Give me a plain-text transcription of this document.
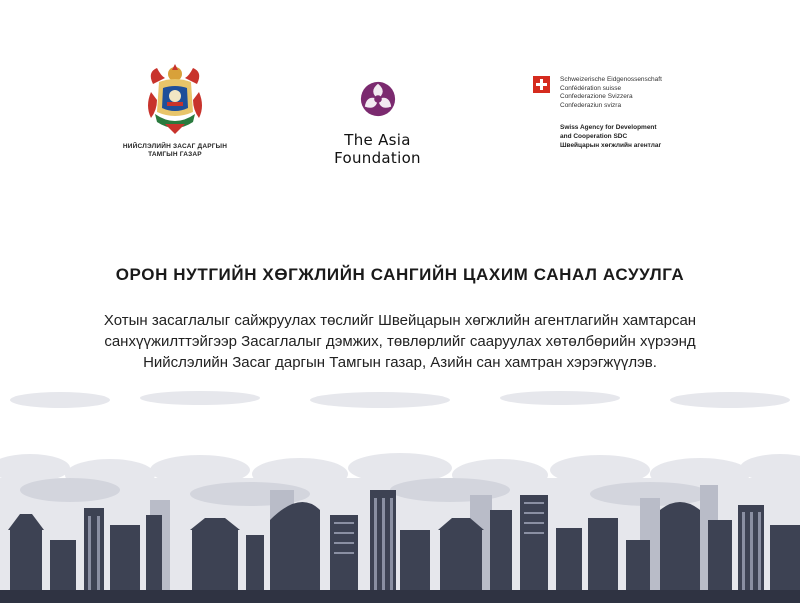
НИЙСЛЭЛИЙН ЗАСАГ ДАРГЫН
ТАМГЫН ГАЗАР
The Asia Foundation
Schweizerische Eidgenossenschaft
Confédération suisse
Confederazione Svizzera
Confederaziun svizra
Swiss Agency for Development
and Cooperation SDC
Швейцарын хөгжлийн агентлаг
ОРОН НУТГИЙН ХӨГЖЛИЙН САНГИЙН ЦАХИМ САНАЛ АСУУЛГА
Хотын засаглалыг сайжруулах төслийг Швейцарын хөгжлийн агентлагийн хамтарсан
санхүүжилттэйгээр Засаглалыг дэмжих, төвлөрлийг сааруулах хөтөлбөрийн хүрээнд
Нийслэлийн Засаг даргын Тамгын газар, Азийн сан хамтран хэрэгжүүлэв.
